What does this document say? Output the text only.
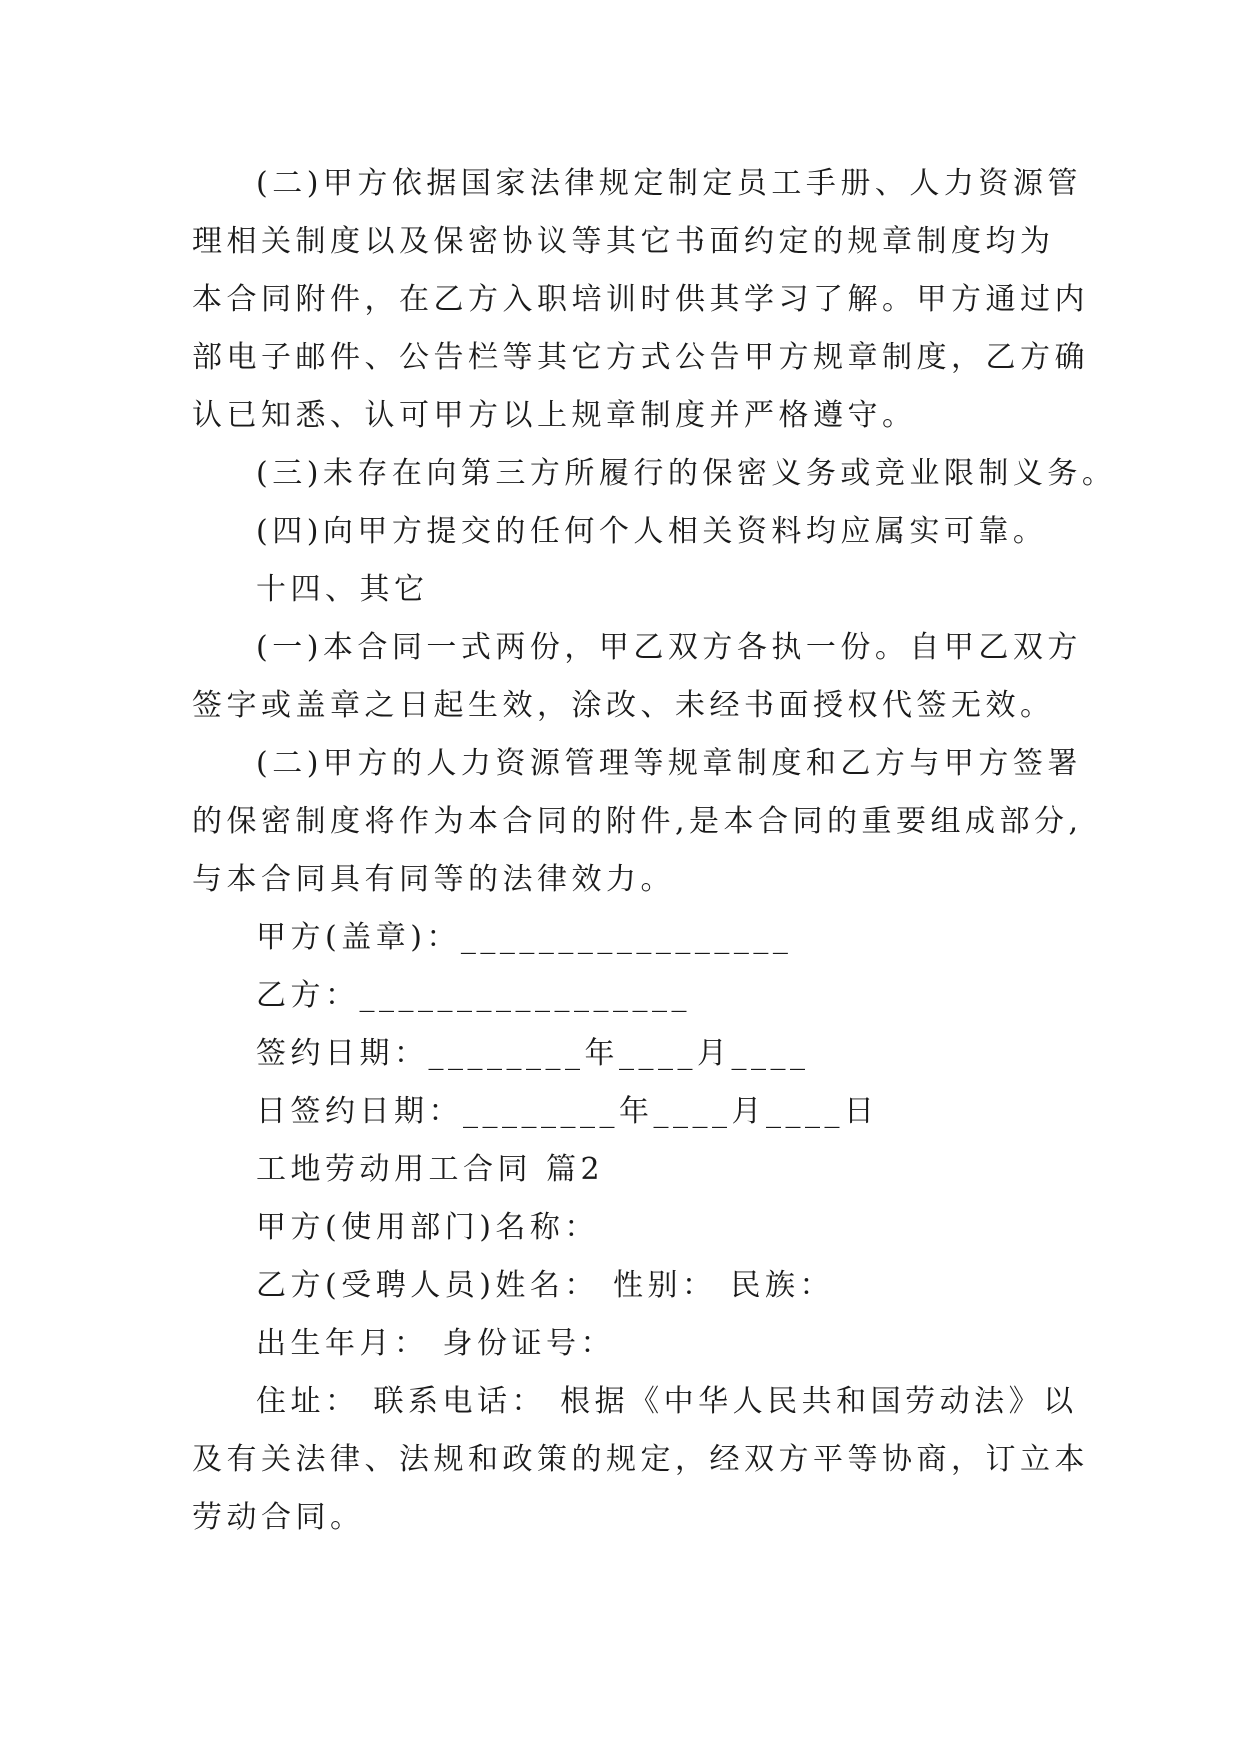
(二)甲方依据国家法律规定制定员工手册、人力资源管
理相关制度以及保密协议等其它书面约定的规章制度均为
本合同附件，在乙方入职培训时供其学习了解。甲方通过内
部电子邮件、公告栏等其它方式公告甲方规章制度，乙方确
认已知悉、认可甲方以上规章制度并严格遵守。
(三)未存在向第三方所履行的保密义务或竞业限制义务。
(四)向甲方提交的任何个人相关资料均应属实可靠。
十四、其它
(一)本合同一式两份，甲乙双方各执一份。自甲乙双方
签字或盖章之日起生效，涂改、未经书面授权代签无效。
(二)甲方的人力资源管理等规章制度和乙方与甲方签署
的保密制度将作为本合同的附件,是本合同的重要组成部分,
与本合同具有同等的法律效力。
甲方(盖章)：_________________
乙方：_________________
签约日期：________年____月____
日签约日期：________年____月____日
工地劳动用工合同 篇2
甲方(使用部门)名称：
乙方(受聘人员)姓名： 性别： 民族：
出生年月： 身份证号：
住址： 联系电话： 根据《中华人民共和国劳动法》以
及有关法律、法规和政策的规定，经双方平等协商，订立本
劳动合同。
